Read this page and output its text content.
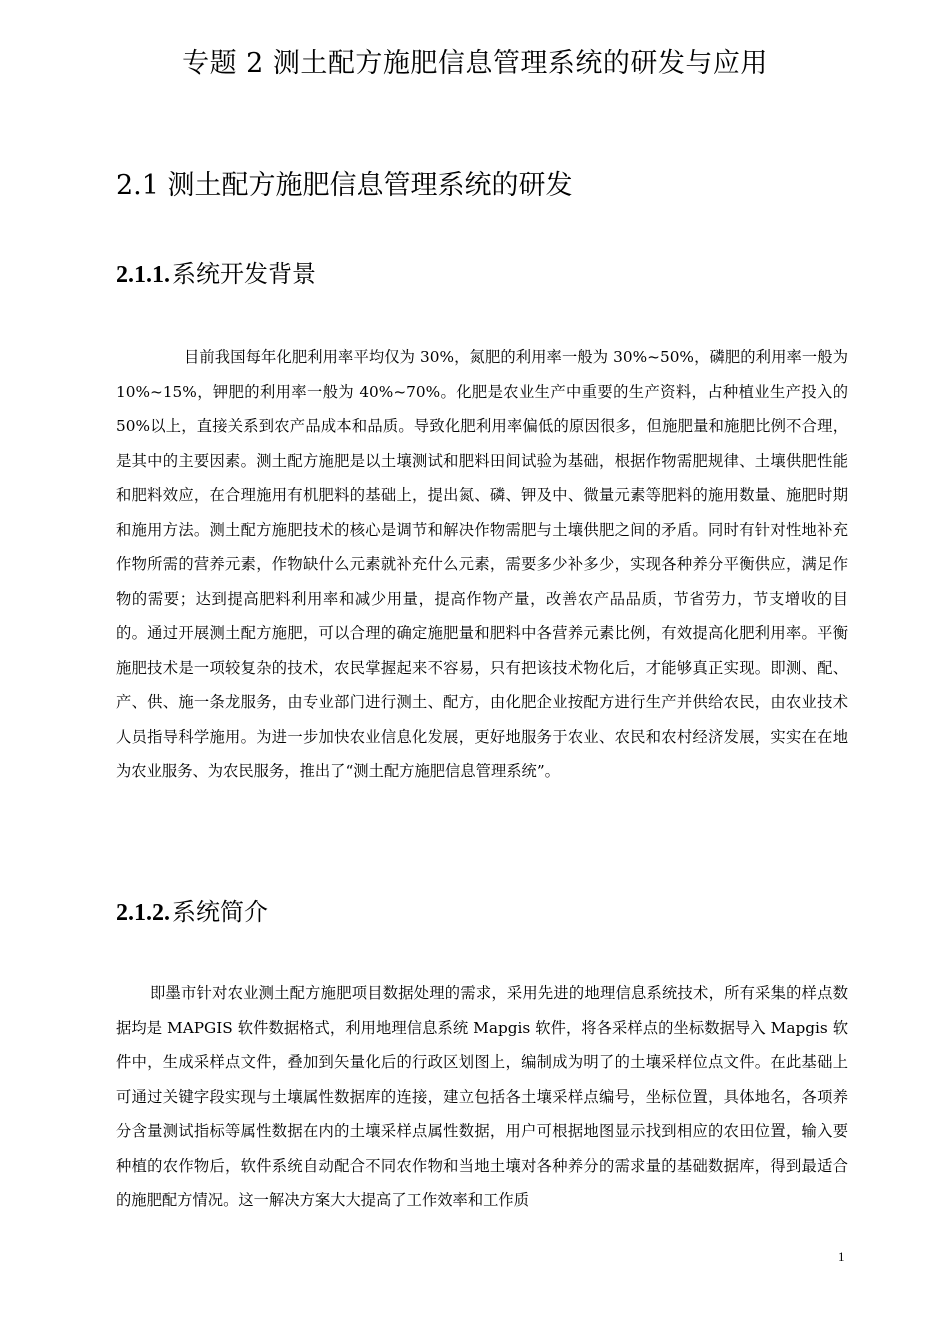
专题 2 测土配方施肥信息管理系统的研发与应用
2.1 测土配方施肥信息管理系统的研发
2.1.1.系统开发背景

目前我国每年化肥利用率平均仅为 30%，氮肥的利用率一般为 30%~50%，磷肥的利用率一般为 10%~15%，钾肥的利用率一般为 40%~70%。化肥是农业生产中重要的生产资料，占种植业生产投入的 50%以上，直接关系到农产品成本和品质。导致化肥利用率偏低的原因很多，但施肥量和施肥比例不合理，是其中的主要因素。测土配方施肥是以土壤测试和肥料田间试验为基础，根据作物需肥规律、土壤供肥性能和肥料效应，在合理施用有机肥料的基础上，提出氮、磷、钾及中、微量元素等肥料的施用数量、施肥时期和施用方法。测土配方施肥技术的核心是调节和解决作物需肥与土壤供肥之间的矛盾。同时有针对性地补充作物所需的营养元素，作物缺什么元素就补充什么元素，需要多少补多少，实现各种养分平衡供应，满足作物的需要；达到提高肥料利用率和减少用量，提高作物产量，改善农产品品质，节省劳力，节支增收的目的。通过开展测土配方施肥，可以合理的确定施肥量和肥料中各营养元素比例，有效提高化肥利用率。平衡施肥技术是一项较复杂的技术，农民掌握起来不容易，只有把该技术物化后，才能够真正实现。即测、配、产、供、施一条龙服务，由专业部门进行测土、配方，由化肥企业按配方进行生产并供给农民，由农业技术人员指导科学施用。为进一步加快农业信息化发展，更好地服务于农业、农民和农村经济发展，实实在在地为农业服务、为农民服务，推出了“测土配方施肥信息管理系统”。

2.1.2.系统简介

即墨市针对农业测土配方施肥项目数据处理的需求，采用先进的地理信息系统技术，所有采集的样点数据均是 MAPGIS 软件数据格式，利用地理信息系统 Mapgis 软件，将各采样点的坐标数据导入 Mapgis 软件中，生成采样点文件，叠加到矢量化后的行政区划图上，编制成为明了的土壤采样位点文件。在此基础上可通过关键字段实现与土壤属性数据库的连接，建立包括各土壤采样点编号，坐标位置，具体地名，各项养分含量测试指标等属性数据在内的土壤采样点属性数据，用户可根据地图显示找到相应的农田位置，输入要种植的农作物后，软件系统自动配合不同农作物和当地土壤对各种养分的需求量的基础数据库，得到最适合的施肥配方情况。这一解决方案大大提高了工作效率和工作质

1
